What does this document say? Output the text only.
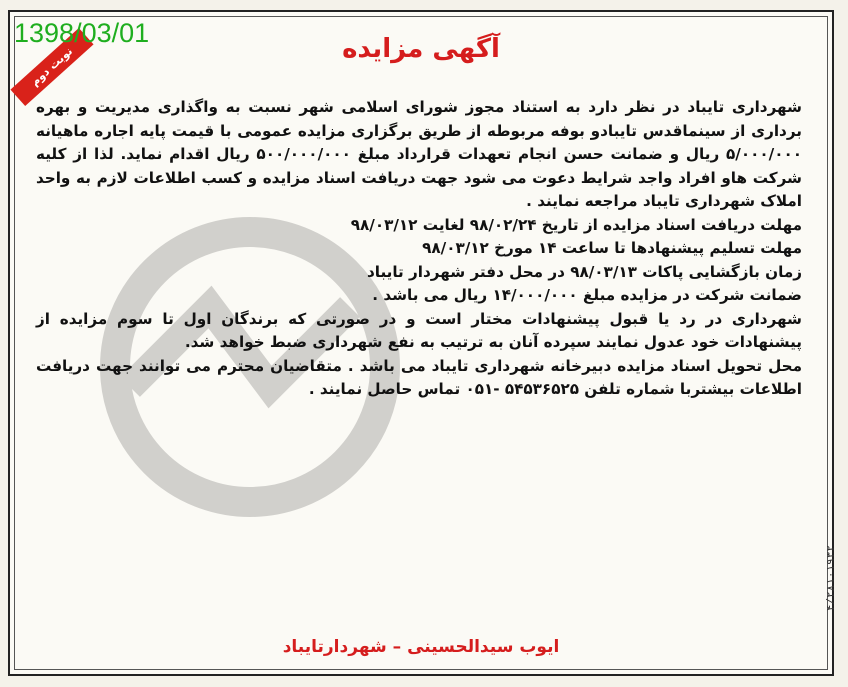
نوبت دوم	آگهی مزایده

شهرداری تایباد در نظر دارد به استناد مجوز شورای اسلامی شهر نسبت به واگذاری مدیریت و بهره برداری از سینماقدس تایبادو بوفه مربوطه از طریق برگزاری مزایده عمومی با قیمت پایه اجاره ماهیانه ۵/۰۰۰/۰۰۰ ریال و ضمانت حسن انجام تعهدات قرارداد مبلغ ۵۰۰/۰۰۰/۰۰۰ ریال اقدام نماید. لذا از کلیه شرکت هاو افراد واجد شرایط دعوت می شود جهت دریافت اسناد مزایده و کسب اطلاعات لازم به واحد املاک شهرداری تایباد مراجعه نمایند .

مهلت دریافت اسناد مزایده از تاریخ ۹۸/۰۲/۲۴ لغایت ۹۸/۰۳/۱۲

مهلت تسلیم پیشنهادها تا ساعت ۱۴ مورخ ۹۸/۰۳/۱۲

زمان بازگشایی پاکات ۹۸/۰۳/۱۳ در محل دفتر شهردار تایباد

ضمانت شرکت در مزایده مبلغ ۱۴/۰۰۰/۰۰۰ ریال می باشد .

شهرداری در رد یا قبول پیشنهادات مختار است و در صورتی که برندگان اول تا سوم مزایده از پیشنهادات خود عدول نمایند سپرده آنان به ترتیب به نفع شهرداری ضبط خواهد شد.

محل تحویل اسناد مزایده دبیرخانه شهرداری تایباد می باشد . متقاضیان محترم می توانند جهت دریافت اطلاعات بیشتربا شماره تلفن ۵۴۵۳۶۵۲۵ -۰۵۱ تماس حاصل نمایند .

ایوب سیدالحسینی – شهردارتایباد
1398/03/01
۴/۲۸۱۰۱۹۳۲
